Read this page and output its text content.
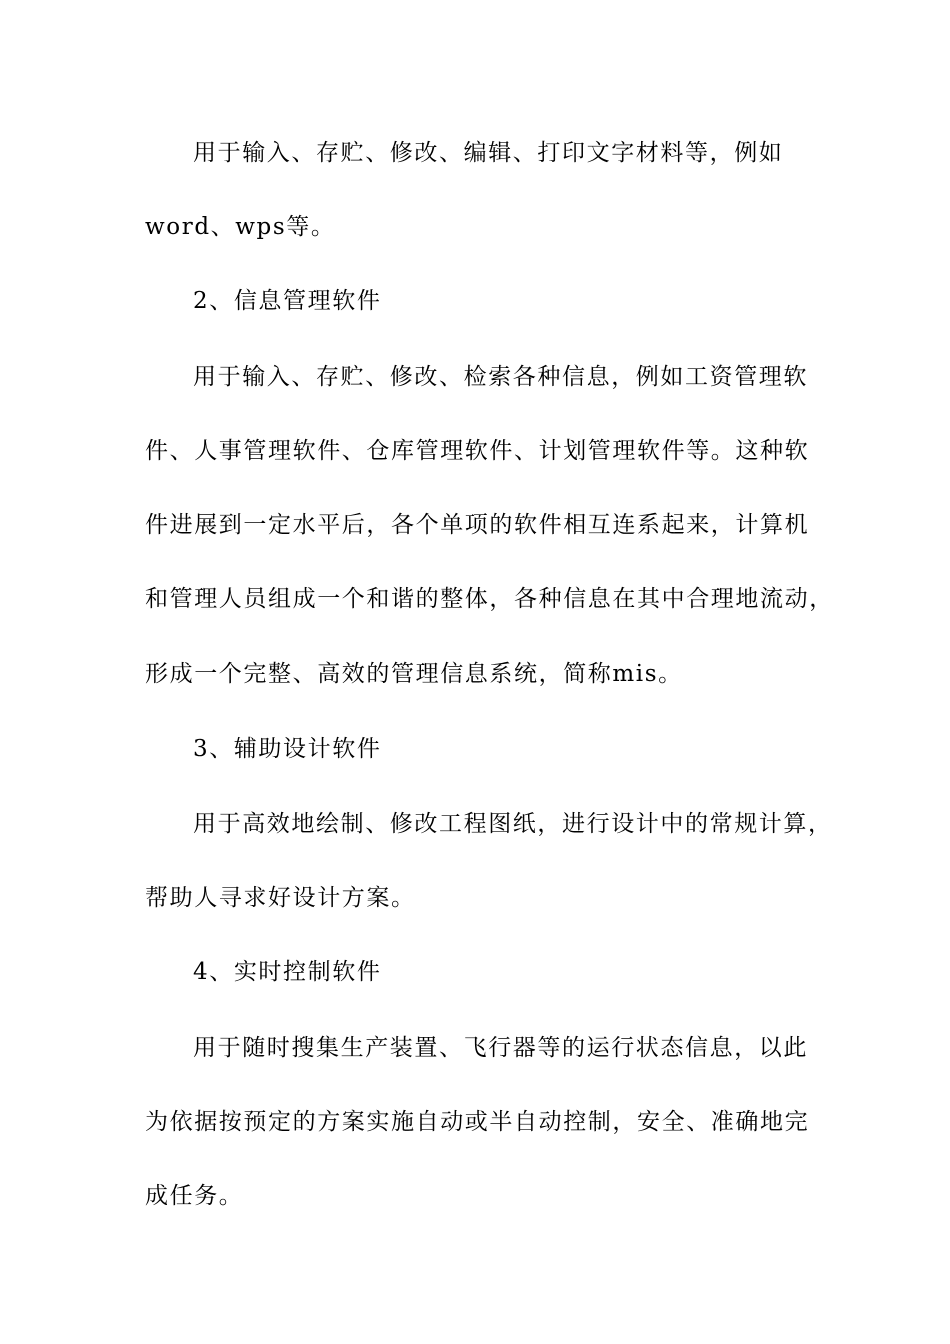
用于输入、存贮、修改、编辑、打印文字材料等，例如
word、wps等。
2、信息管理软件
用于输入、存贮、修改、检索各种信息，例如工资管理软
件、人事管理软件、仓库管理软件、计划管理软件等。这种软
件进展到一定水平后，各个单项的软件相互连系起来，计算机
和管理人员组成一个和谐的整体，各种信息在其中合理地流动，
形成一个完整、高效的管理信息系统，简称mis。
3、辅助设计软件
用于高效地绘制、修改工程图纸，进行设计中的常规计算，
帮助人寻求好设计方案。
4、实时控制软件
用于随时搜集生产装置、飞行器等的运行状态信息，以此
为依据按预定的方案实施自动或半自动控制，安全、准确地完
成任务。
